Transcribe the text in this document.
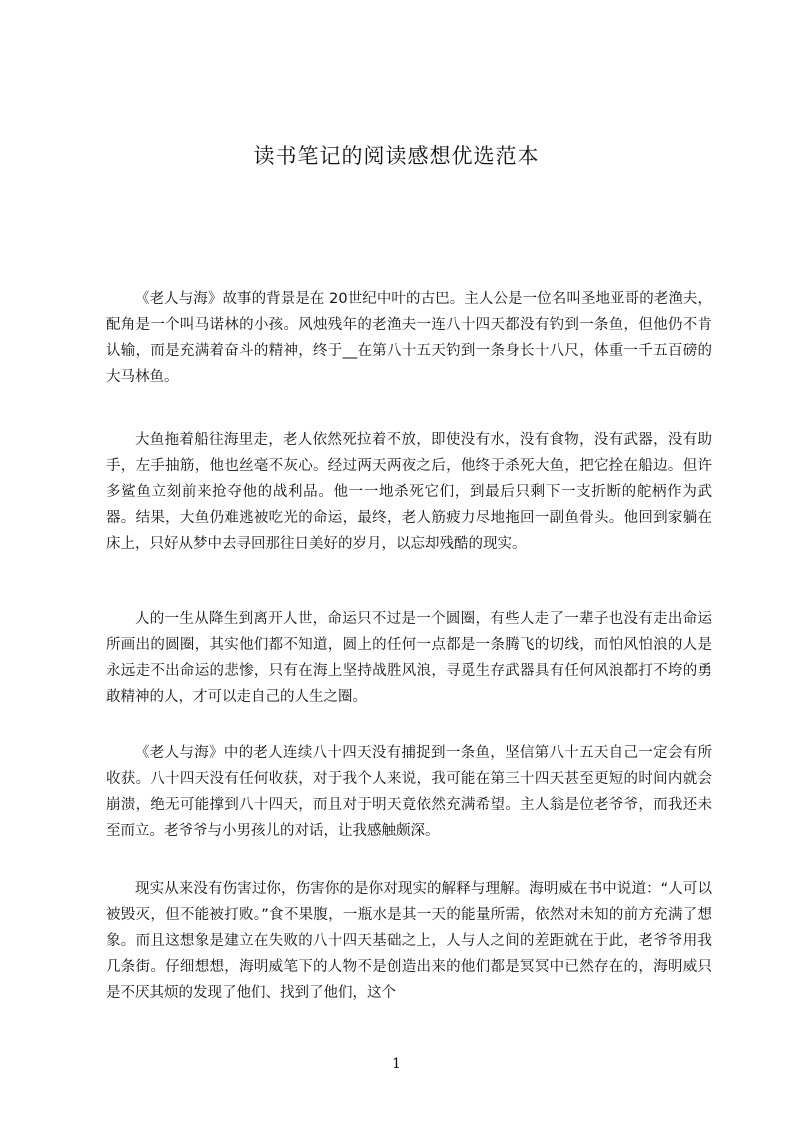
读书笔记的阅读感想优选范本

《老人与海》故事的背景是在 20世纪中叶的古巴。主人公是一位名叫圣地亚哥的老渔夫，配角是一个叫马诺林的小孩。风烛残年的老渔夫一连八十四天都没有钓到一条鱼，但他仍不肯认输，而是充满着奋斗的精神，终于__在第八十五天钓到一条身长十八尺，体重一千五百磅的大马林鱼。

大鱼拖着船往海里走，老人依然死拉着不放，即使没有水，没有食物，没有武器，没有助手，左手抽筋，他也丝毫不灰心。经过两天两夜之后，他终于杀死大鱼，把它拴在船边。但许多鲨鱼立刻前来抢夺他的战利品。他一一地杀死它们，到最后只剩下一支折断的舵柄作为武器。结果，大鱼仍难逃被吃光的命运，最终，老人筋疲力尽地拖回一副鱼骨头。他回到家躺在床上，只好从梦中去寻回那往日美好的岁月，以忘却残酷的现实。

人的一生从降生到离开人世，命运只不过是一个圆圈，有些人走了一辈子也没有走出命运所画出的圆圈，其实他们都不知道，圆上的任何一点都是一条腾飞的切线，而怕风怕浪的人是永远走不出命运的悲惨，只有在海上坚持战胜风浪，寻觅生存武器具有任何风浪都打不垮的勇敢精神的人，才可以走自己的人生之圈。

《老人与海》中的老人连续八十四天没有捕捉到一条鱼，坚信第八十五天自己一定会有所收获。八十四天没有任何收获，对于我个人来说，我可能在第三十四天甚至更短的时间内就会崩溃，绝无可能撑到八十四天，而且对于明天竟依然充满希望。主人翁是位老爷爷，而我还未至而立。老爷爷与小男孩儿的对话，让我感触颇深。

现实从来没有伤害过你，伤害你的是你对现实的解释与理解。海明威在书中说道：“人可以被毁灭，但不能被打败。”食不果腹，一瓶水是其一天的能量所需，依然对未知的前方充满了想象。而且这想象是建立在失败的八十四天基础之上，人与人之间的差距就在于此，老爷爷用我几条街。仔细想想，海明威笔下的人物不是创造出来的他们都是冥冥中已然存在的，海明威只是不厌其烦的发现了他们、找到了他们，这个

1
